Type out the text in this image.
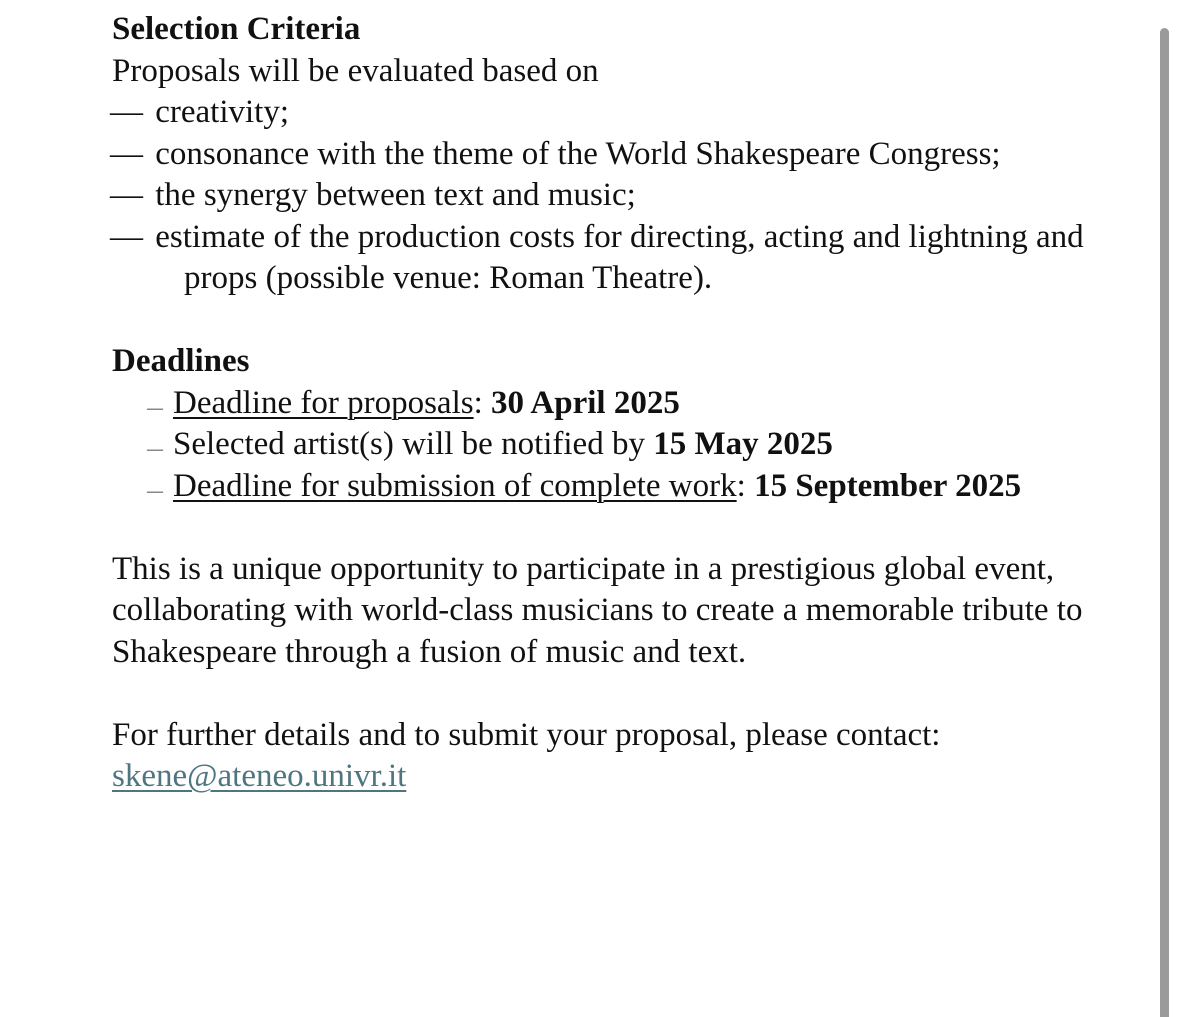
Selection Criteria

Proposals will be evaluated based on

— creativity;

— consonance with the theme of the World Shakespeare Congress;

— the synergy between text and music;

— estimate of the production costs for directing, acting and lightning and props (possible venue: Roman Theatre).

Deadlines

— Deadline for proposals: 30 April 2025

— Selected artist(s) will be notified by 15 May 2025

— Deadline for submission of complete work: 15 September 2025

This is a unique opportunity to participate in a prestigious global event, collaborating with world-class musicians to create a memorable tribute to Shakespeare through a fusion of music and text.

For further details and to submit your proposal, please contact:

skene@ateneo.univr.it
